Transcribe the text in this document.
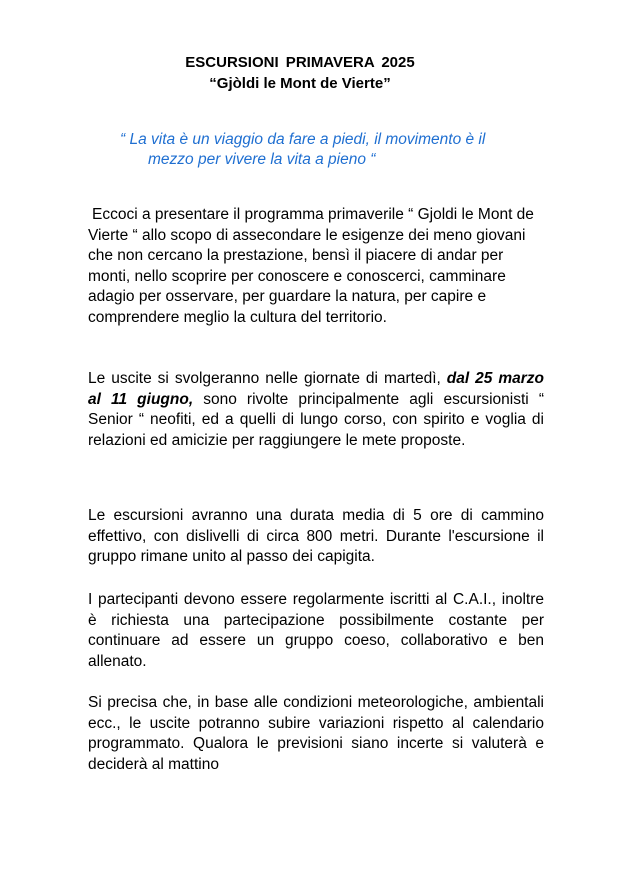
ESCURSIONI PRIMAVERA 2025
“Gjòldi le Mont de Vierte”
“ La vita è un viaggio da fare a piedi, il movimento è il
mezzo per vivere la vita a pieno “

Eccoci a presentare il programma primaverile “ Gjoldi le Mont de Vierte “ allo scopo di assecondare le esigenze dei meno giovani che non cercano la prestazione, bensì il piacere di andar per monti, nello scoprire per conoscere e conoscerci, camminare adagio per osservare, per guardare la natura, per capire e comprendere meglio la cultura del territorio.

Le uscite si svolgeranno nelle giornate di martedì, dal 25 marzo al 11 giugno, sono rivolte principalmente agli escursionisti “ Senior “ neofiti, ed a quelli di lungo corso, con spirito e voglia di relazioni ed amicizie per raggiungere le mete proposte.

Le escursioni avranno una durata media di 5 ore di cammino effettivo, con dislivelli di circa 800 metri. Durante l'escursione il gruppo rimane unito al passo dei capigita.

I partecipanti devono essere regolarmente iscritti al C.A.I., inoltre è richiesta una partecipazione possibilmente costante per continuare ad essere un gruppo coeso, collaborativo e ben allenato.

Si precisa che, in base alle condizioni meteorologiche, ambientali ecc., le uscite potranno subire variazioni rispetto al calendario programmato. Qualora le previsioni siano incerte si valuterà e deciderà al mattino
